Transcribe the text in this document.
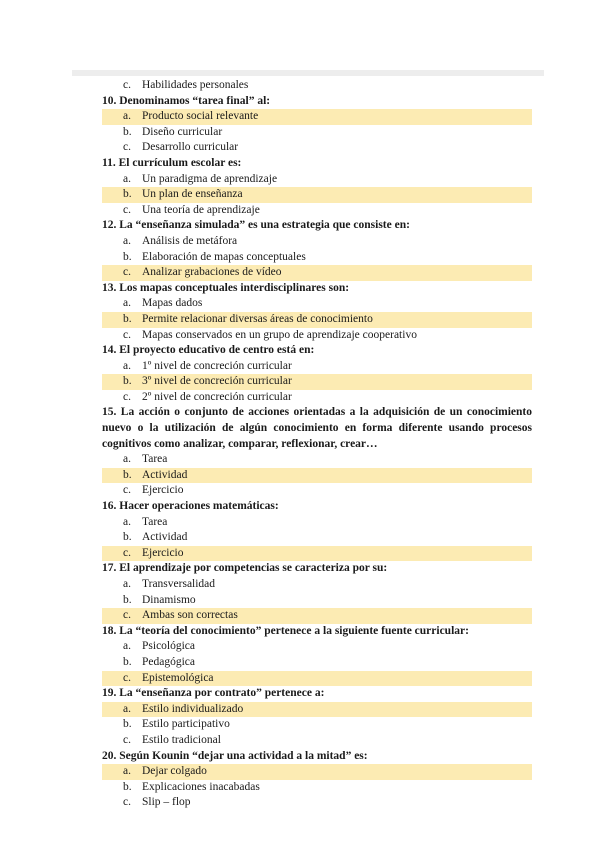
c. Habilidades personales
10. Denominamos “tarea final” al:
a. Producto social relevante
b. Diseño curricular
c. Desarrollo curricular
11. El currículum escolar es:
a. Un paradigma de aprendizaje
b. Un plan de enseñanza
c. Una teoría de aprendizaje
12. La “enseñanza simulada” es una estrategia que consiste en:
a. Análisis de metáfora
b. Elaboración de mapas conceptuales
c. Analizar grabaciones de vídeo
13. Los mapas conceptuales interdisciplinares son:
a. Mapas dados
b. Permite relacionar diversas áreas de conocimiento
c. Mapas conservados en un grupo de aprendizaje cooperativo
14. El proyecto educativo de centro está en:
a. 1º nivel de concreción curricular
b. 3º nivel de concreción curricular
c. 2º nivel de concreción curricular
15. La acción o conjunto de acciones orientadas a la adquisición de un conocimiento nuevo o la utilización de algún conocimiento en forma diferente usando procesos cognitivos como analizar, comparar, reflexionar, crear…
a. Tarea
b. Actividad
c. Ejercicio
16. Hacer operaciones matemáticas:
a. Tarea
b. Actividad
c. Ejercicio
17. El aprendizaje por competencias se caracteriza por su:
a. Transversalidad
b. Dinamismo
c. Ambas son correctas
18. La “teoría del conocimiento” pertenece a la siguiente fuente curricular:
a. Psicológica
b. Pedagógica
c. Epistemológica
19. La “enseñanza por contrato” pertenece a:
a. Estilo individualizado
b. Estilo participativo
c. Estilo tradicional
20. Según Kounin “dejar una actividad a la mitad” es:
a. Dejar colgado
b. Explicaciones inacabadas
c. Slip – flop
